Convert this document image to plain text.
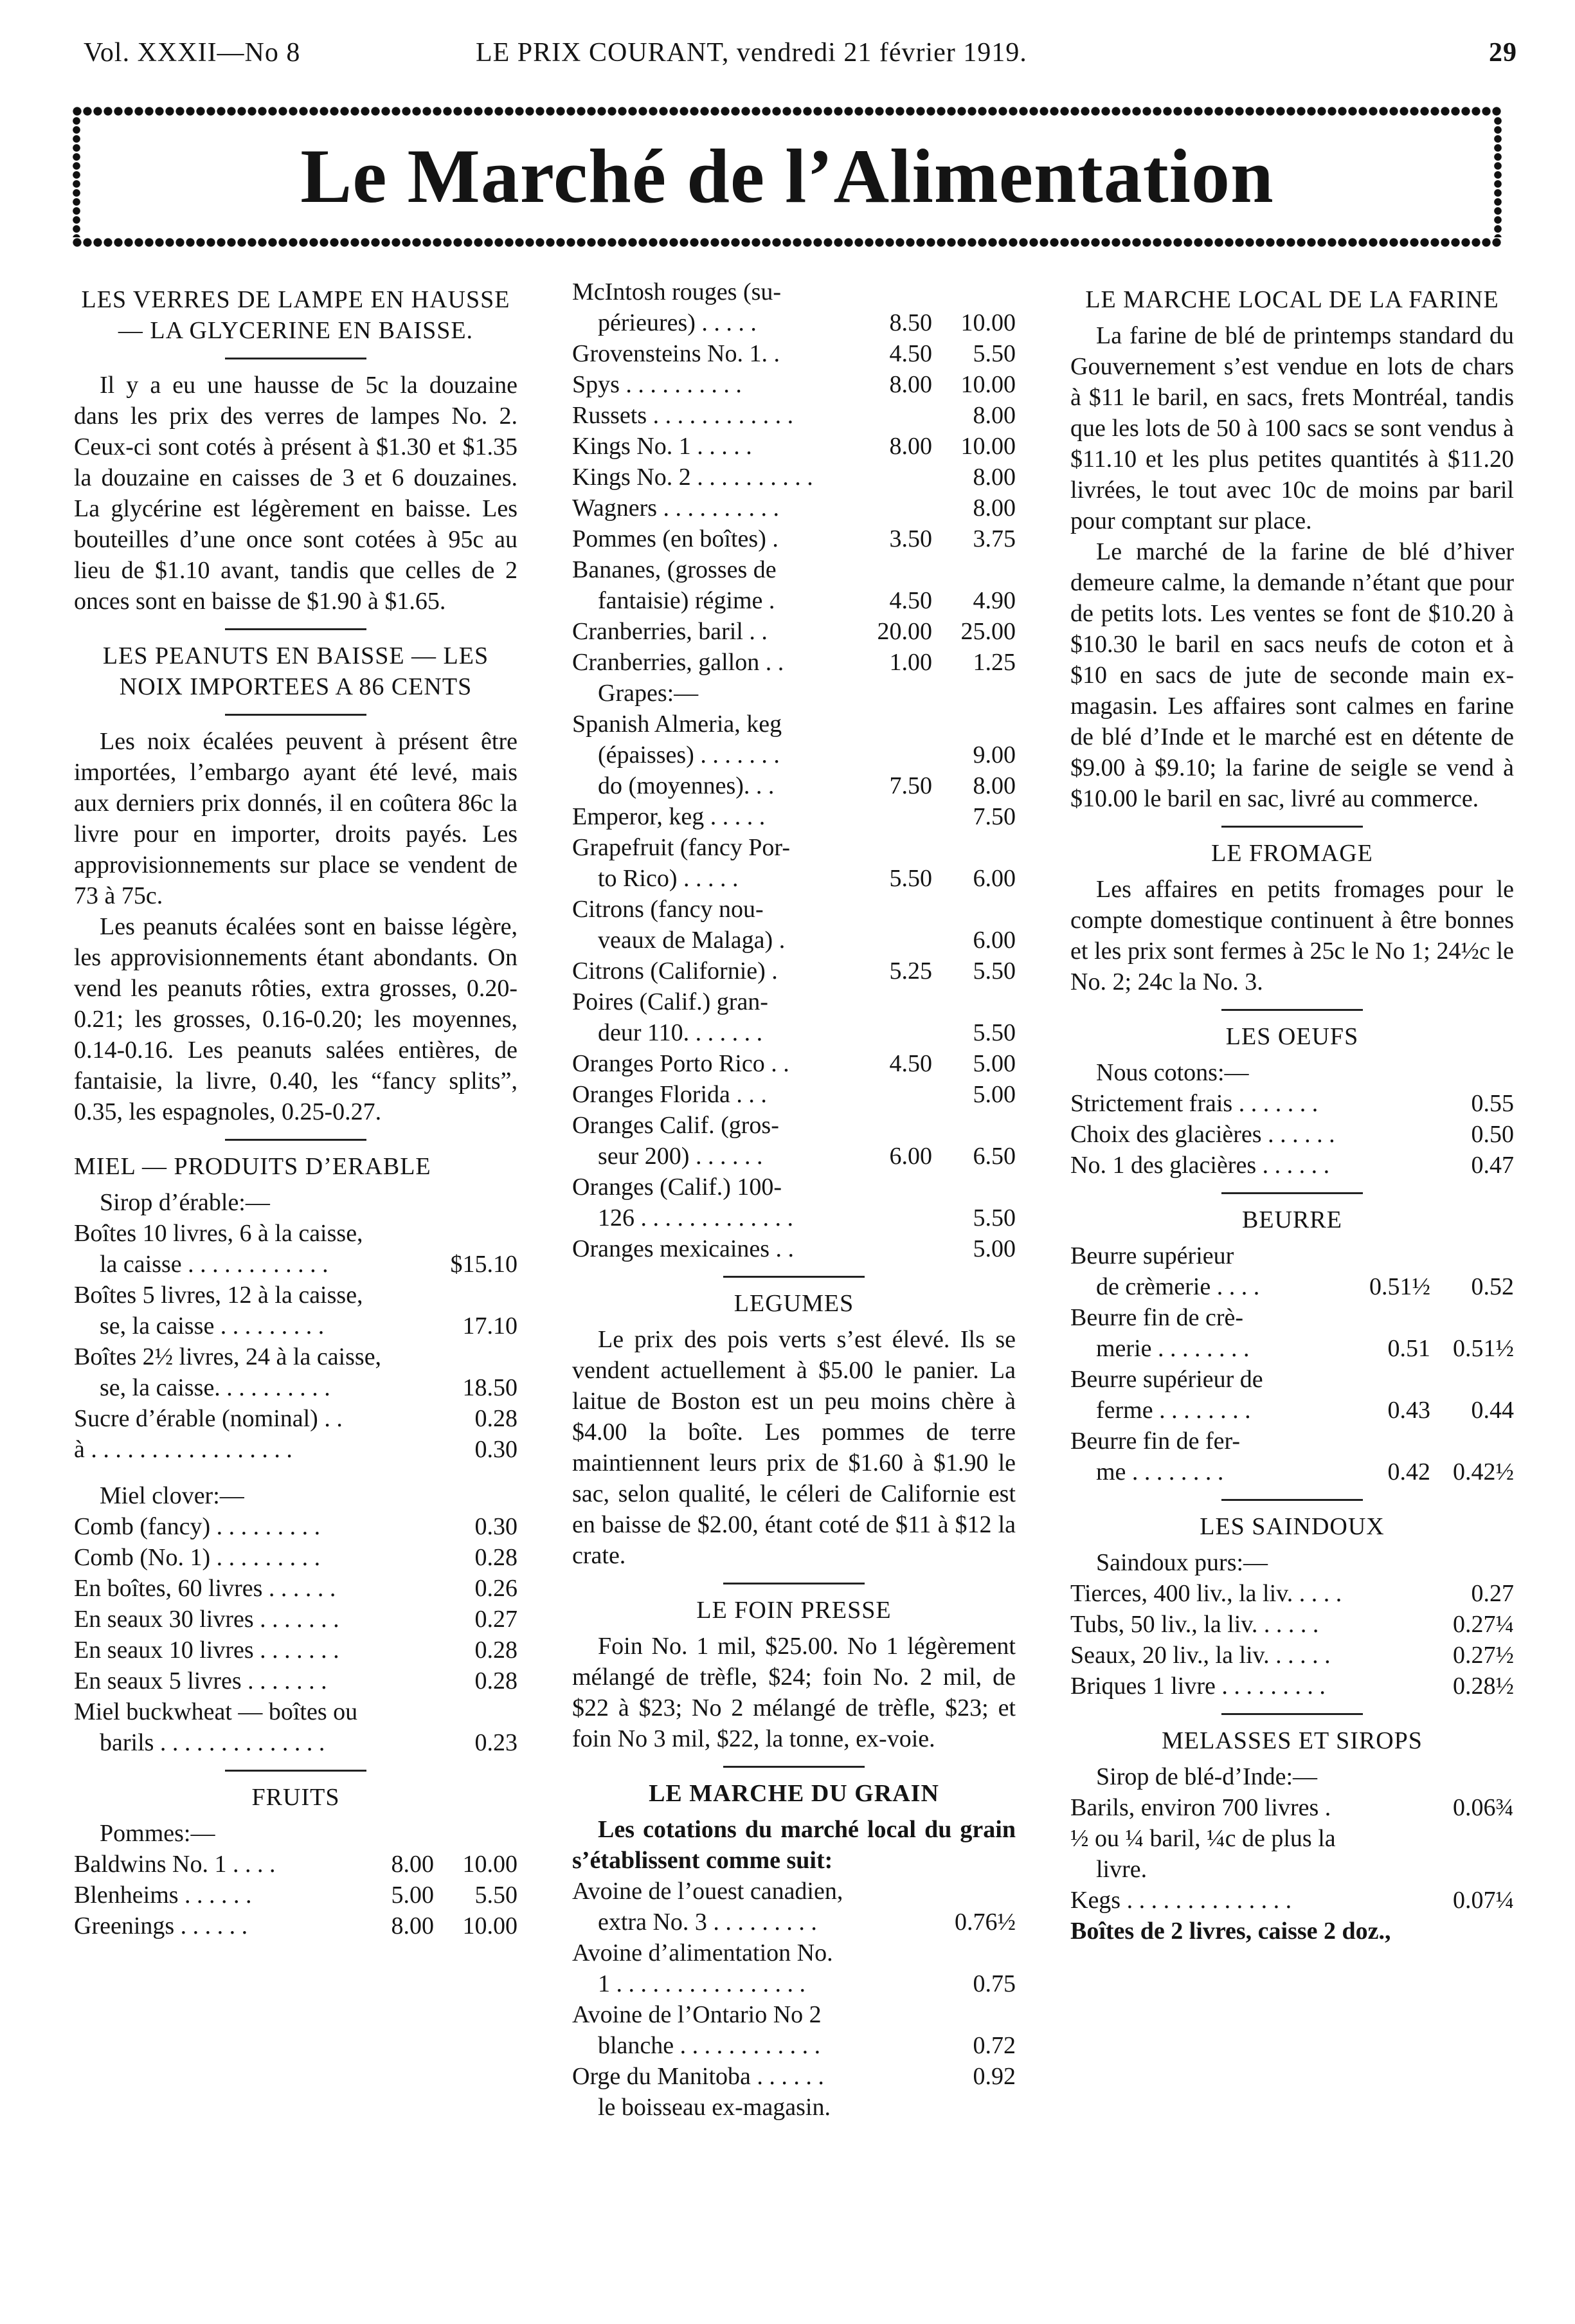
Vol. XXXII—No 8	LE PRIX COURANT, vendredi 21 février 1919.	29
Le Marché de l’Alimentation
LES VERRES DE LAMPE EN HAUSSE — LA GLYCERINE EN BAISSE.

Il y a eu une hausse de 5c la douzaine dans les prix des verres de lampes No. 2. Ceux-ci sont cotés à présent à $1.30 et $1.35 la douzaine en caisses de 3 et 6 douzaines. La glycérine est légèrement en baisse. Les bouteilles d’une once sont cotées à 95c au lieu de $1.10 avant, tandis que celles de 2 onces sont en baisse de $1.90 à $1.65.

LES PEANUTS EN BAISSE — LES NOIX IMPORTEES A 86 CENTS

Les noix écalées peuvent à présent être importées, l’embargo ayant été levé, mais aux derniers prix donnés, il en coûtera 86c la livre pour en importer, droits payés. Les approvisionnements sur place se vendent de 73 à 75c.

Les peanuts écalées sont en baisse légère, les approvisionnements étant abondants. On vend les peanuts rôties, extra grosses, 0.20-0.21; les grosses, 0.16-0.20; les moyennes, 0.14-0.16. Les peanuts salées entières, de fantaisie, la livre, 0.40, les “fancy splits”, 0.35, les espagnoles, 0.25-0.27.

MIEL — PRODUITS D’ERABLE
Sirop d’érable:—
Boîtes 10 livres, 6 à la caisse,
la caisse . . . . . . . . . . . .	$15.10
Boîtes 5 livres, 12 à la caisse,
se, la caisse . . . . . . . . .	17.10
Boîtes 2½ livres, 24 à la caisse,
se, la caisse. . . . . . . . . .	18.50
Sucre d’érable (nominal) . .	0.28
à . . . . . . . . . . . . . . . . .	0.30
Miel clover:—
Comb (fancy) . . . . . . . . .	0.30
Comb (No. 1) . . . . . . . . .	0.28
En boîtes, 60 livres . . . . . .	0.26
En seaux 30 livres . . . . . . .	0.27
En seaux 10 livres . . . . . . .	0.28
En seaux 5 livres . . . . . . .	0.28
Miel buckwheat — boîtes ou
barils . . . . . . . . . . . . . .	0.23
FRUITS
Pommes:—
Baldwins No. 1 . . . .	8.00	10.00
Blenheims . . . . . .	5.00	5.50
Greenings . . . . . .	8.00	10.00
McIntosh rouges (su-
périeures) . . . . .	8.50	10.00
Grovensteins No. 1. .	4.50	5.50
Spys . . . . . . . . . .	8.00	10.00
Russets . . . . . . . . . . . .	8.00
Kings No. 1 . . . . .	8.00	10.00
Kings No. 2 . . . . . . . . . .	8.00
Wagners . . . . . . . . . .	8.00
Pommes (en boîtes) .	3.50	3.75
Bananes, (grosses de
fantaisie) régime .	4.50	4.90
Cranberries, baril . .	20.00	25.00
Cranberries, gallon . .	1.00	1.25
Grapes:—
Spanish Almeria, keg
(épaisses) . . . . . . .	9.00
do (moyennes). . .	7.50	8.00
Emperor, keg . . . . .	7.50
Grapefruit (fancy Por-
to Rico) . . . . .	5.50	6.00
Citrons (fancy nou-
veaux de Malaga) .	6.00
Citrons (Californie) .	5.25	5.50
Poires (Calif.) gran-
deur 110. . . . . . .	5.50
Oranges Porto Rico . .	4.50	5.00
Oranges Florida . . .	5.00
Oranges Calif. (gros-
seur 200) . . . . . .	6.00	6.50
Oranges (Calif.) 100-
126 . . . . . . . . . . . . .	5.50
Oranges mexicaines . .	5.00
LEGUMES

Le prix des pois verts s’est élevé. Ils se vendent actuellement à $5.00 le panier. La laitue de Boston est un peu moins chère à $4.00 la boîte. Les pommes de terre maintiennent leurs prix de $1.60 à $1.90 le sac, selon qualité, le céleri de Californie est en baisse de $2.00, étant coté de $11 à $12 la crate.

LE FOIN PRESSE

Foin No. 1 mil, $25.00. No 1 légèrement mélangé de trèfle, $24; foin No. 2 mil, de $22 à $23; No 2 mélangé de trèfle, $23; et foin No 3 mil, $22, la tonne, ex-voie.

LE MARCHE DU GRAIN

Les cotations du marché local du grain s’établissent comme suit:

Avoine de l’ouest canadien,
extra No. 3 . . . . . . . . .	0.76½
Avoine d’alimentation No.
1 . . . . . . . . . . . . . . . .	0.75
Avoine de l’Ontario No 2
blanche . . . . . . . . . . . .	0.72
Orge du Manitoba . . . . . .	0.92
le boisseau ex-magasin.
LE MARCHE LOCAL DE LA FARINE

La farine de blé de printemps standard du Gouvernement s’est vendue en lots de chars à $11 le baril, en sacs, frets Montréal, tandis que les lots de 50 à 100 sacs se sont vendus à $11.10 et les plus petites quantités à $11.20 livrées, le tout avec 10c de moins par baril pour comptant sur place.

Le marché de la farine de blé d’hiver demeure calme, la demande n’étant que pour de petits lots. Les ventes se font de $10.20 à $10.30 le baril en sacs neufs de coton et à $10 en sacs de jute de seconde main ex-magasin. Les affaires sont calmes en farine de blé d’Inde et le marché est en détente de $9.00 à $9.10; la farine de seigle se vend à $10.00 le baril en sac, livré au commerce.

LE FROMAGE

Les affaires en petits fromages pour le compte domestique continuent à être bonnes et les prix sont fermes à 25c le No 1; 24½c le No. 2; 24c la No. 3.

LES OEUFS
Nous cotons:—
Strictement frais . . . . . . .	0.55
Choix des glacières . . . . . .	0.50
No. 1 des glacières . . . . . .	0.47
BEURRE
Beurre supérieur
de crèmerie . . . .	0.51½	0.52
Beurre fin de crè-
merie . . . . . . . .	0.51 0.51½
Beurre supérieur de
ferme . . . . . . . .	0.43	0.44
Beurre fin de fer-
me . . . . . . . .	0.42 0.42½
LES SAINDOUX
Saindoux purs:—
Tierces, 400 liv., la liv. . . . .	0.27
Tubs, 50 liv., la liv. . . . . .	0.27¼
Seaux, 20 liv., la liv. . . . . .	0.27½
Briques 1 livre . . . . . . . . .	0.28½
MELASSES ET SIROPS
Sirop de blé-d’Inde:—
Barils, environ 700 livres .	0.06¾
½ ou ¼ baril, ¼c de plus la
livre.
Kegs . . . . . . . . . . . . . .	0.07¼
Boîtes de 2 livres, caisse 2 doz.,
